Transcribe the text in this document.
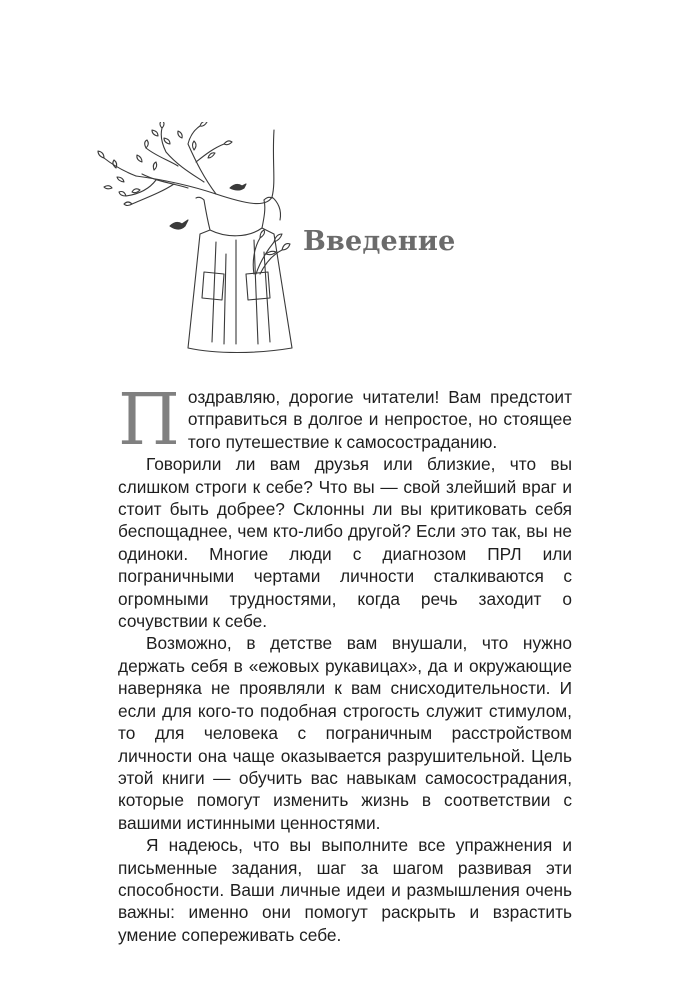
Введение

Поздравляю, дорогие читатели! Вам предстоит отправиться в долгое и непростое, но стоящее того путешествие к самосостраданию.

Говорили ли вам друзья или близкие, что вы слишком строги к себе? Что вы — свой злейший враг и стоит быть добрее? Склонны ли вы критиковать себя беспощаднее, чем кто-либо другой? Если это так, вы не одиноки. Многие люди с диагнозом ПРЛ или пограничными чертами личности сталкиваются с огромными трудностями, когда речь заходит о сочувствии к себе.

Возможно, в детстве вам внушали, что нужно держать себя в «ежовых рукавицах», да и окружающие наверняка не проявляли к вам снисходительности. И если для кого-то подобная строгость служит стимулом, то для человека с пограничным расстройством личности она чаще оказывается разрушительной. Цель этой книги — обучить вас навыкам самосострадания, которые помогут изменить жизнь в соответствии с вашими истинными ценностями.

Я надеюсь, что вы выполните все упражнения и письменные задания, шаг за шагом развивая эти способности. Ваши личные идеи и размышления очень важны: именно они помогут раскрыть и взрастить умение сопереживать себе.
